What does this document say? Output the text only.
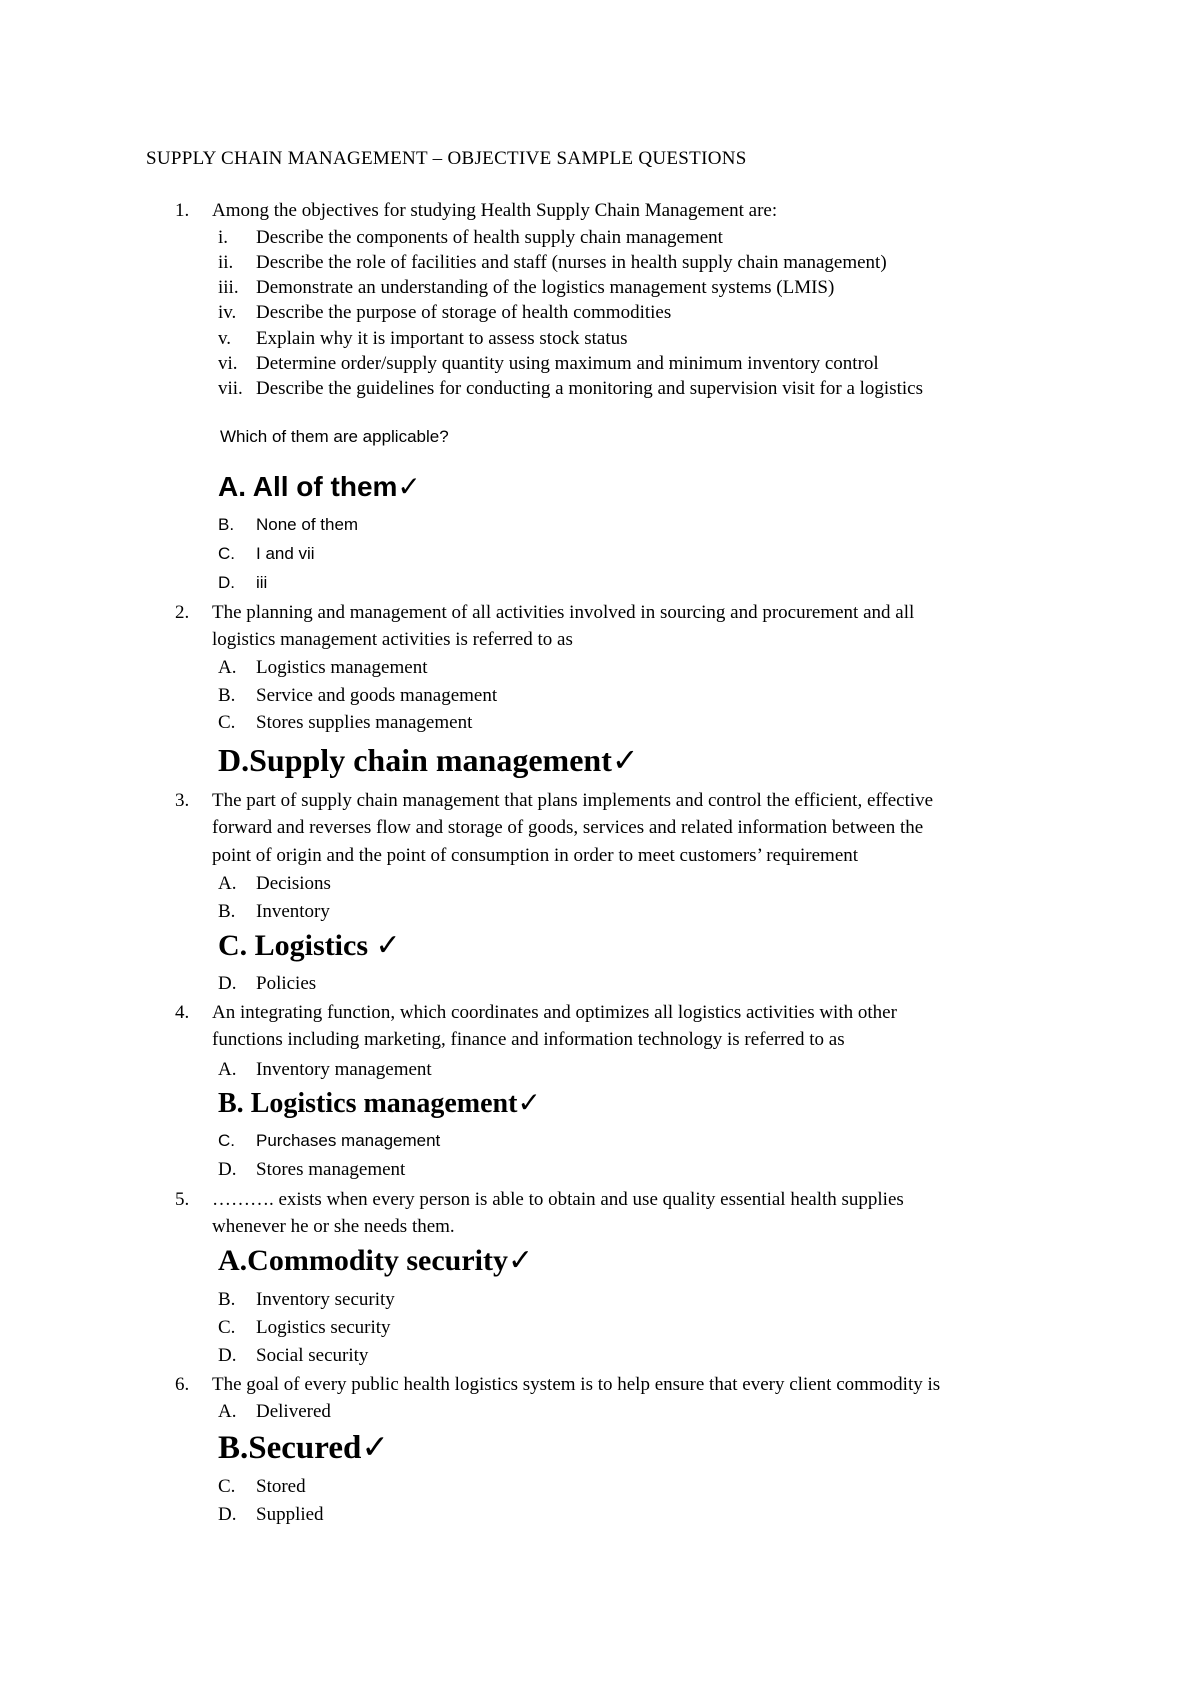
SUPPLY CHAIN MANAGEMENT – OBJECTIVE SAMPLE QUESTIONS
1. Among the objectives for studying Health Supply Chain Management are:
i. Describe the components of health supply chain management
ii. Describe the role of facilities and staff (nurses in health supply chain management)
iii. Demonstrate an understanding of the logistics management systems (LMIS)
iv. Describe the purpose of storage of health commodities
v. Explain why it is important to assess stock status
vi. Determine order/supply quantity using maximum and minimum inventory control
vii. Describe the guidelines for conducting a monitoring and supervision visit for a logistics
Which of them are applicable?
A. All of them✓
B. None of them
C. I and vii
D. iii
2. The planning and management of all activities involved in sourcing and procurement and all
logistics management activities is referred to as
A. Logistics management
B. Service and goods management
C. Stores supplies management
D.Supply chain management✓
3. The part of supply chain management that plans implements and control the efficient, effective
forward and reverses flow and storage of goods, services and related information between the
point of origin and the point of consumption in order to meet customers’ requirement
A. Decisions
B. Inventory
C. Logistics ✓
D. Policies
4. An integrating function, which coordinates and optimizes all logistics activities with other
functions including marketing, finance and information technology is referred to as
A. Inventory management
B. Logistics management✓
C. Purchases management
D. Stores management
5. ………. exists when every person is able to obtain and use quality essential health supplies
whenever he or she needs them.
A.Commodity security✓
B. Inventory security
C. Logistics security
D. Social security
6. The goal of every public health logistics system is to help ensure that every client commodity is
A. Delivered
B.Secured✓
C. Stored
D. Supplied
